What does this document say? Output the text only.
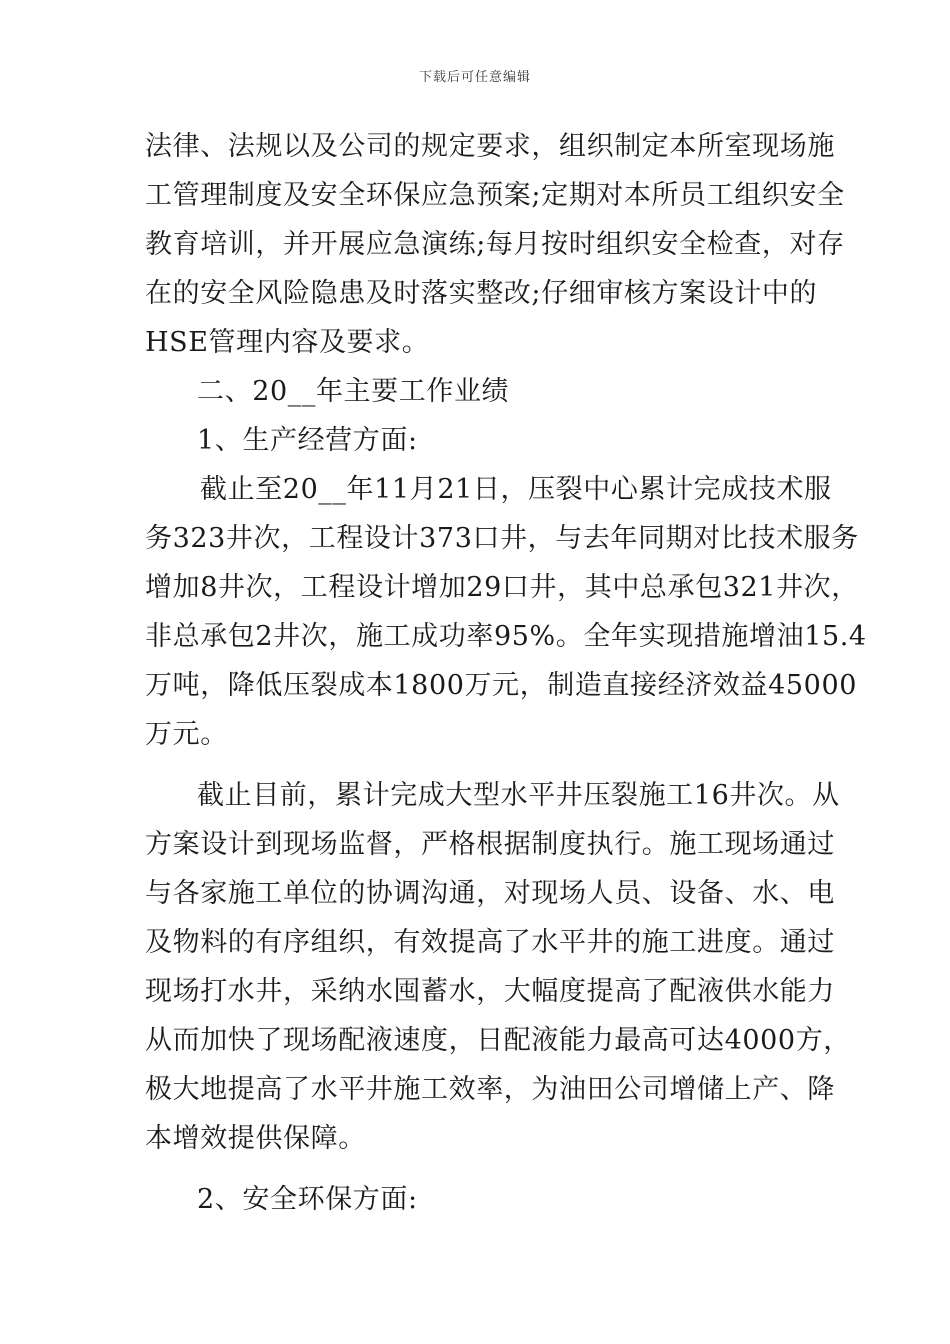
下载后可任意编辑
法律、法规以及公司的规定要求，组织制定本所室现场施
工管理制度及安全环保应急预案;定期对本所员工组织安全
教育培训，并开展应急演练;每月按时组织安全检查，对存
在的安全风险隐患及时落实整改;仔细审核方案设计中的
HSE管理内容及要求。
二、20__年主要工作业绩
1、生产经营方面:
截止至20__年11月21日，压裂中心累计完成技术服
务323井次，工程设计373口井，与去年同期对比技术服务
增加8井次，工程设计增加29口井，其中总承包321井次，
非总承包2井次，施工成功率95%。全年实现措施增油15.4
万吨，降低压裂成本1800万元，制造直接经济效益45000
万元。
截止目前，累计完成大型水平井压裂施工16井次。从
方案设计到现场监督，严格根据制度执行。施工现场通过
与各家施工单位的协调沟通，对现场人员、设备、水、电
及物料的有序组织，有效提高了水平井的施工进度。通过
现场打水井，采纳水囤蓄水，大幅度提高了配液供水能力
从而加快了现场配液速度，日配液能力最高可达4000方，
极大地提高了水平井施工效率，为油田公司增储上产、降
本增效提供保障。
2、安全环保方面:
